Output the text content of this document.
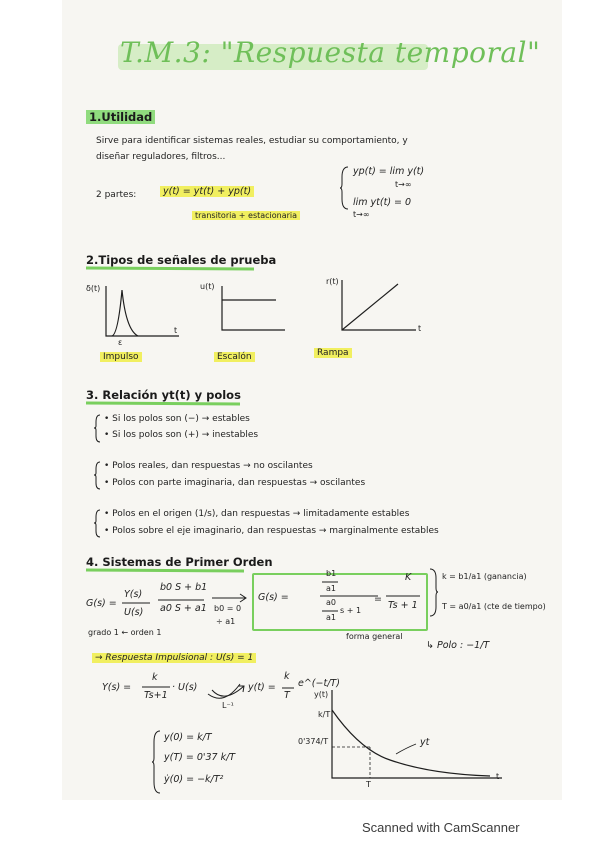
T.M.3: "Respuesta temporal"
1.Utilidad
Sirve para identificar sistemas reales, estudiar su comportamiento, y
diseñar reguladores, filtros...
2 partes:	y(t) = yt(t) + yp(t)
transitoria + estacionaria
yp(t) = lim y(t)
t→∞
lim yt(t) = 0
t→∞
2.Tipos de señales de prueba
δ(t)
t
ε
Impulso
u(t)
Escalón
r(t)
t
Rampa
3. Relación yt(t) y polos
• Si los polos son (−) → estables
• Si los polos son (+) → inestables
• Polos reales, dan respuestas → no oscilantes
• Polos con parte imaginaria, dan respuestas → oscilantes
• Polos en el origen (1/s), dan respuestas → limitadamente estables
• Polos sobre el eje imaginario, dan respuestas → marginalmente estables
4. Sistemas de Primer Orden
G(s) =
Y(s)
U(s)
b0 S + b1
a0 S + a1 b0 = 0
÷ a1
grado 1 ← orden 1
G(s) =
b1
a1
a0
a1
s + 1
=
K
Ts + 1
forma general
k = b1/a1 (ganancia)
T = a0/a1 (cte de tiempo)
↳ Polo : −1/T
→ Respuesta Impulsional : U(s) = 1
Y(s) =
k
Ts+1
· U(s)
L⁻¹
y(t) =
k
T
e^(−t/T)
y(0) = k/T
y(T) = 0'37 k/T
ẏ(0) = −k/T²
y(t)
k/T
0'374/T
T
t
yt
Scanned with CamScanner
